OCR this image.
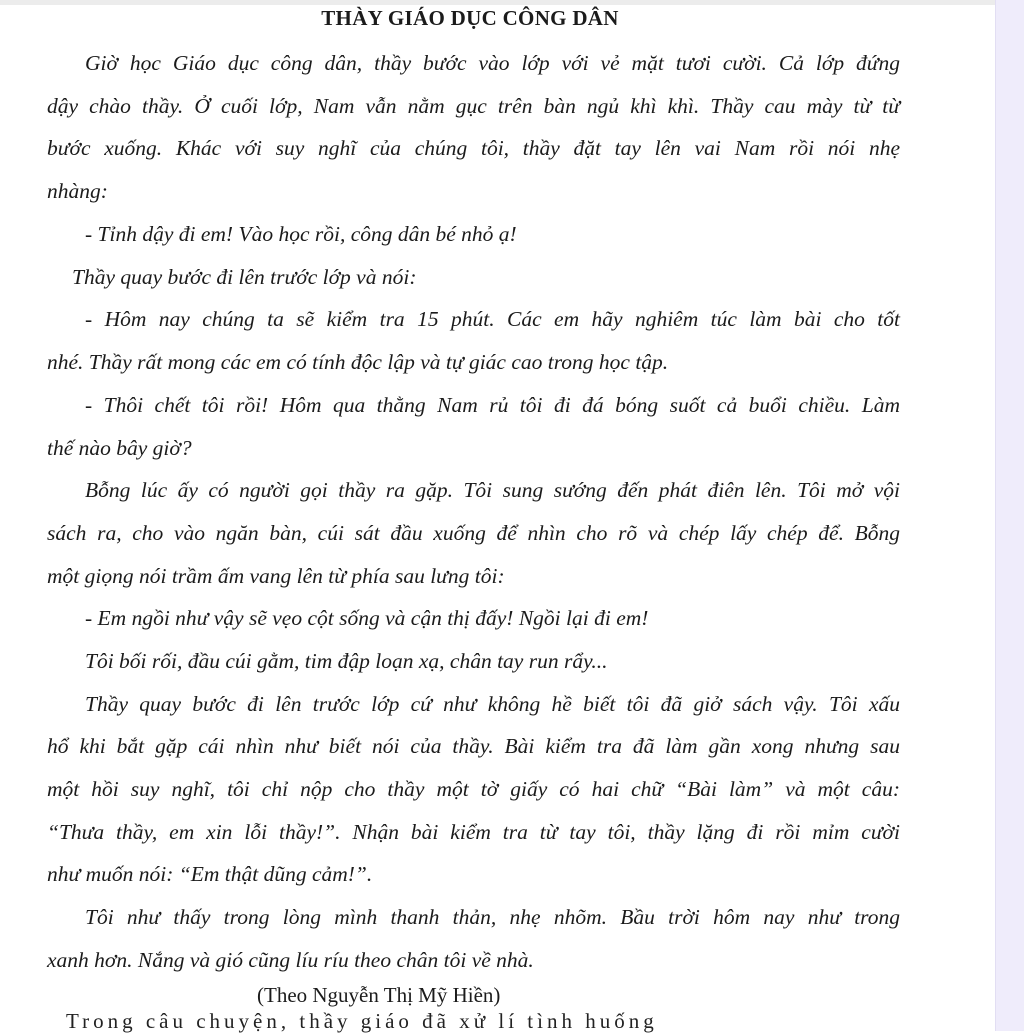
THÀY GIÁO DỤC CÔNG DÂN

Giờ học Giáo dục công dân, thầy bước vào lớp với vẻ mặt tươi cười. Cả lớp đứng

dậy chào thầy. Ở cuối lớp, Nam vẫn nằm gục trên bàn ngủ khì khì. Thầy cau mày từ từ

bước xuống. Khác với suy nghĩ của chúng tôi, thầy đặt tay lên vai Nam rồi nói nhẹ

nhàng:

- Tỉnh dậy đi em! Vào học rồi, công dân bé nhỏ ạ!

Thầy quay bước đi lên trước lớp và nói:

- Hôm nay chúng ta sẽ kiểm tra 15 phút. Các em hãy nghiêm túc làm bài cho tốt

nhé. Thầy rất mong các em có tính độc lập và tự giác cao trong học tập.

- Thôi chết tôi rồi! Hôm qua thằng Nam rủ tôi đi đá bóng suốt cả buổi chiều. Làm

thế nào bây giờ?

Bỗng lúc ấy có người gọi thầy ra gặp. Tôi sung sướng đến phát điên lên. Tôi mở vội

sách ra, cho vào ngăn bàn, cúi sát đầu xuống để nhìn cho rõ và chép lấy chép để. Bỗng

một giọng nói trầm ấm vang lên từ phía sau lưng tôi:

- Em ngồi như vậy sẽ vẹo cột sống và cận thị đấy! Ngồi lại đi em!

Tôi bối rối, đầu cúi gằm, tim đập loạn xạ, chân tay run rẩy...

Thầy quay bước đi lên trước lớp cứ như không hề biết tôi đã giở sách vậy. Tôi xấu

hổ khi bắt gặp cái nhìn như biết nói của thầy. Bài kiểm tra đã làm gần xong nhưng sau

một hồi suy nghĩ, tôi chỉ nộp cho thầy một tờ giấy có hai chữ “Bài làm” và một câu:

“Thưa thầy, em xin lỗi thầy!”. Nhận bài kiểm tra từ tay tôi, thầy lặng đi rồi mỉm cười

như muốn nói: “Em thật dũng cảm!”.

Tôi như thấy trong lòng mình thanh thản, nhẹ nhõm. Bầu trời hôm nay như trong

xanh hơn. Nắng và gió cũng líu ríu theo chân tôi về nhà.

(Theo Nguyễn Thị Mỹ Hiền)

Trong câu chuyện, thầy giáo đã xử lí tình huống
